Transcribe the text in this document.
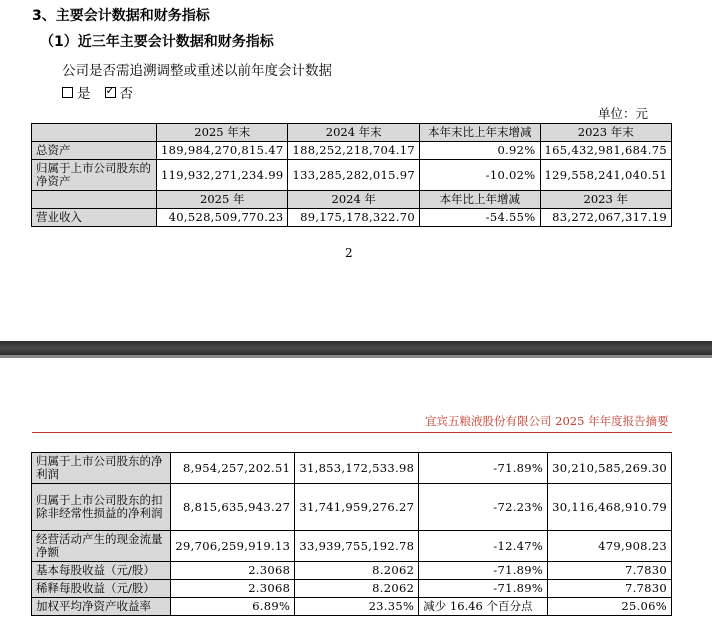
3、主要会计数据和财务指标
（1）近三年主要会计数据和财务指标
公司是否需追溯调整或重述以前年度会计数据
是 ✓ 否
单位：元
	2025 年末	2024 年末	本年末比上年末增减	2023 年末
总资产	189,984,270,815.47	188,252,218,704.17	0.92%	165,432,981,684.75
归属于上市公司股东的净资产	119,932,271,234.99	133,285,282,015.97	-10.02%	129,558,241,040.51
	2025 年	2024 年	本年比上年增减	2023 年
营业收入	40,528,509,770.23	89,175,178,322.70	-54.55%	83,272,067,317.19
2
宜宾五粮液股份有限公司 2025 年年度报告摘要
归属于上市公司股东的净利润	8,954,257,202.51	31,853,172,533.98	-71.89%	30,210,585,269.30
归属于上市公司股东的扣除非经常性损益的净利润	8,815,635,943.27	31,741,959,276.27	-72.23%	30,116,468,910.79
经营活动产生的现金流量净额	29,706,259,919.13	33,939,755,192.78	-12.47%	479,908.23
基本每股收益（元/股）	2.3068	8.2062	-71.89%	7.7830
稀释每股收益（元/股）	2.3068	8.2062	-71.89%	7.7830
加权平均净资产收益率	6.89%	23.35%	减少 16.46 个百分点	25.06%
